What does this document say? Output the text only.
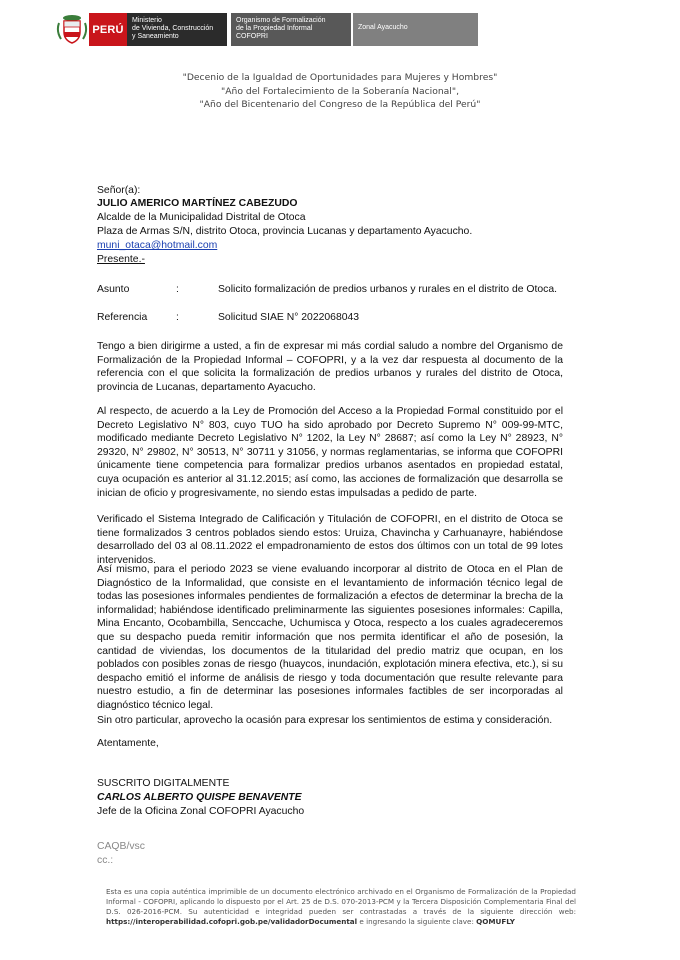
PERÚ
Ministerio
de Vivienda, Construcción
y Saneamiento
Organismo de Formalización
de la Propiedad Informal
COFOPRI
Zonal Ayacucho
"Decenio de la Igualdad de Oportunidades para Mujeres y Hombres"
"Año del Fortalecimiento de la Soberanía Nacional",
"Año del Bicentenario del Congreso de la República del Perú"
Señor(a):
JULIO AMERICO MARTÍNEZ CABEZUDO
Alcalde de la Municipalidad Distrital de Otoca
Plaza de Armas S/N, distrito Otoca, provincia Lucanas y departamento Ayacucho.
muni_otaca@hotmail.com
Presente.-
Asunto	:	Solicito formalización de predios urbanos y rurales en el distrito de Otoca.
Referencia	:	Solicitud SIAE N° 2022068043
Tengo a bien dirigirme a usted, a fin de expresar mi más cordial saludo a nombre del Organismo de Formalización de la Propiedad Informal – COFOPRI, y a la vez dar respuesta al documento de la referencia con el que solicita la formalización de predios urbanos y rurales del distrito de Otoca, provincia de Lucanas, departamento Ayacucho.
Al respecto, de acuerdo a la Ley de Promoción del Acceso a la Propiedad Formal constituido por el Decreto Legislativo N° 803, cuyo TUO ha sido aprobado por Decreto Supremo N° 009-99-MTC, modificado mediante Decreto Legislativo N° 1202, la Ley N° 28687; así como la Ley N° 28923, N° 29320, N° 29802, N° 30513, N° 30711 y 31056, y normas reglamentarias, se informa que COFOPRI únicamente tiene competencia para formalizar predios urbanos asentados en propiedad estatal, cuya ocupación es anterior al 31.12.2015; así como, las acciones de formalización que desarrolla se inician de oficio y progresivamente, no siendo estas impulsadas a pedido de parte.
Verificado el Sistema Integrado de Calificación y Titulación de COFOPRI, en el distrito de Otoca se tiene formalizados 3 centros poblados siendo estos: Uruiza, Chavincha y Carhuanayre, habiéndose desarrollado del 03 al 08.11.2022 el empadronamiento de estos dos últimos con un total de 99 lotes intervenidos.
Así mismo, para el periodo 2023 se viene evaluando incorporar al distrito de Otoca en el Plan de Diagnóstico de la Informalidad, que consiste en el levantamiento de información técnico legal de todas las posesiones informales pendientes de formalización a efectos de determinar la brecha de la informalidad; habiéndose identificado preliminarmente las siguientes posesiones informales: Capilla, Mina Encanto, Ocobambilla, Senccache, Uchumisca y Otoca, respecto a los cuales agradeceremos que su despacho pueda remitir información que nos permita identificar el año de posesión, la cantidad de viviendas, los documentos de la titularidad del predio matriz que ocupan, en los poblados con posibles zonas de riesgo (huaycos, inundación, explotación minera efectiva, etc.), si su despacho emitió el informe de análisis de riesgo y toda documentación que resulte relevante para nuestro estudio, a fin de determinar las posesiones informales factibles de ser incorporadas al diagnóstico técnico legal.
Sin otro particular, aprovecho la ocasión para expresar los sentimientos de estima y consideración.
Atentamente,
SUSCRITO DIGITALMENTE
CARLOS ALBERTO QUISPE BENAVENTE
Jefe de la Oficina Zonal COFOPRI Ayacucho
CAQB/vsc
cc.:
Esta es una copia auténtica imprimible de un documento electrónico archivado en el Organismo de Formalización de la Propiedad Informal - COFOPRI, aplicando lo dispuesto por el Art. 25 de D.S. 070-2013-PCM y la Tercera Disposición Complementaria Final del D.S. 026-2016-PCM. Su autenticidad e integridad pueden ser contrastadas a través de la siguiente dirección web: https://interoperabilidad.cofopri.gob.pe/validadorDocumental e ingresando la siguiente clave: QOMUFLY
